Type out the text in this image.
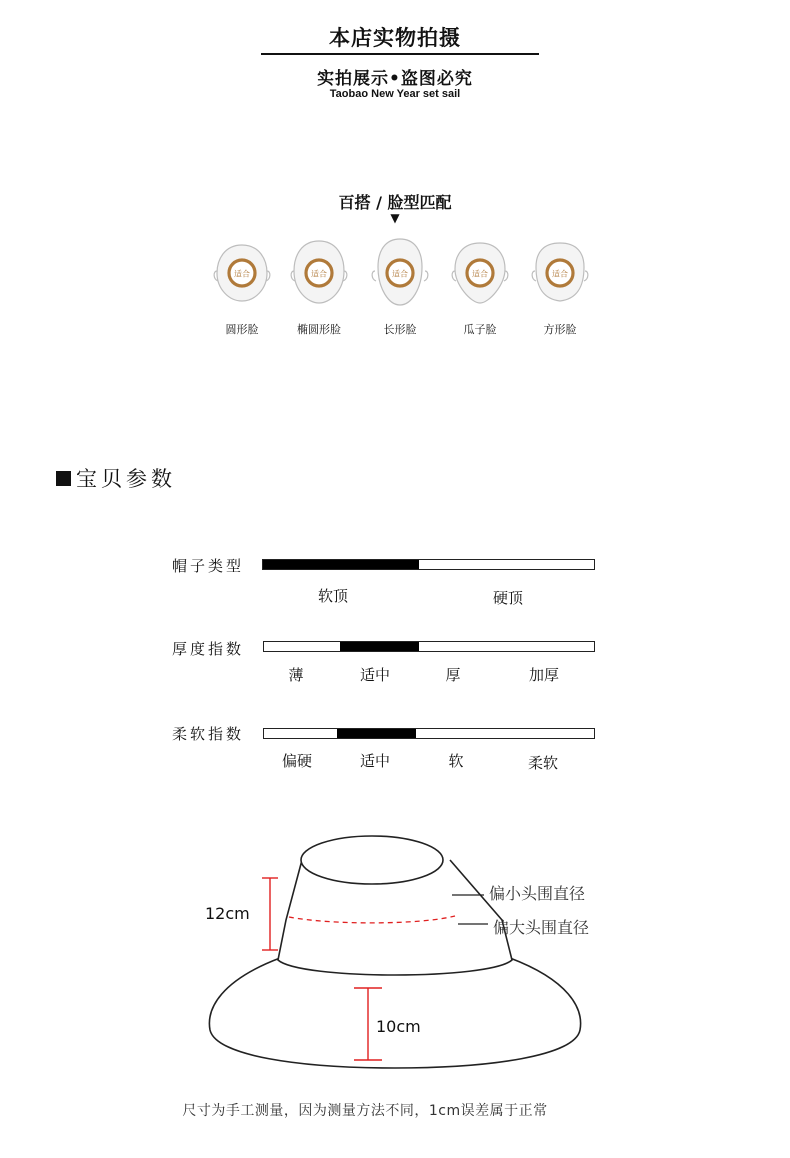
本店实物拍摄
实拍展示•盗图必究
Taobao New Year set sail
百搭 / 脸型匹配
▼
适合
圆形脸
适合
椭圆形脸
适合
长形脸
适合
瓜子脸
适合
方形脸
宝贝参数
帽子类型
软顶	硬顶
厚度指数
薄	适中	厚	加厚
柔软指数
偏硬	适中	软	柔软
12cm
10cm
偏小头围直径
偏大头围直径
尺寸为手工测量，因为测量方法不同，1cm误差属于正常
